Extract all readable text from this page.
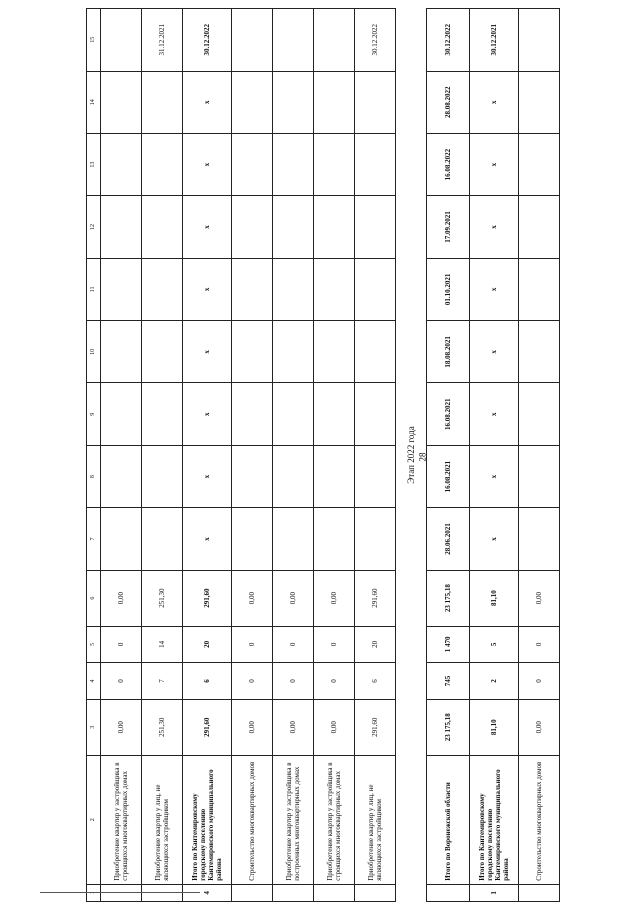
28
	2	3	4	5	6	7	8	9	10	11	12	13	14	15
	Приобретение квартир у застройщика в строящихся многоквартирных домах	0,00	0	0	0,00									
	Приобретение квартир у лиц, не являющихся застройщиком	251,30	7	14	251,30									31.12.2021
4	Итого по Кантемировскому городскому поселению Кантемировского муниципального района	291,60	6	20	291,60	х	х	х	х	х	х	х	х	30.12.2022
	Строительство многоквартирных домов	0,00	0	0	0,00									
	Приобретение квартир у застройщика в построенных многоквартирных домах	0,00	0	0	0,00									
	Приобретение квартир у застройщика в строящихся многоквартирных домах	0,00	0	0	0,00									
	Приобретение квартир у лиц, не являющихся застройщиком	291,60	6	20	291,60									30.12.2022
Этап 2022 года														
	Итого по Воронежской области	23 175,18	745	1 470	23 175,18	28.06.2021	16.08.2021	16.08.2021	18.08.2021	01.10.2021	17.09.2021	16.08.2022	28.08.2022	30.12.2022
1	Итого по Кантемировскому городскому поселению Кантемировского муниципального района	81,10	2	5	81,10	х	х	х	х	х	х	х	х	30.12.2021
	Строительство многоквартирных домов	0,00	0	0	0,00									
